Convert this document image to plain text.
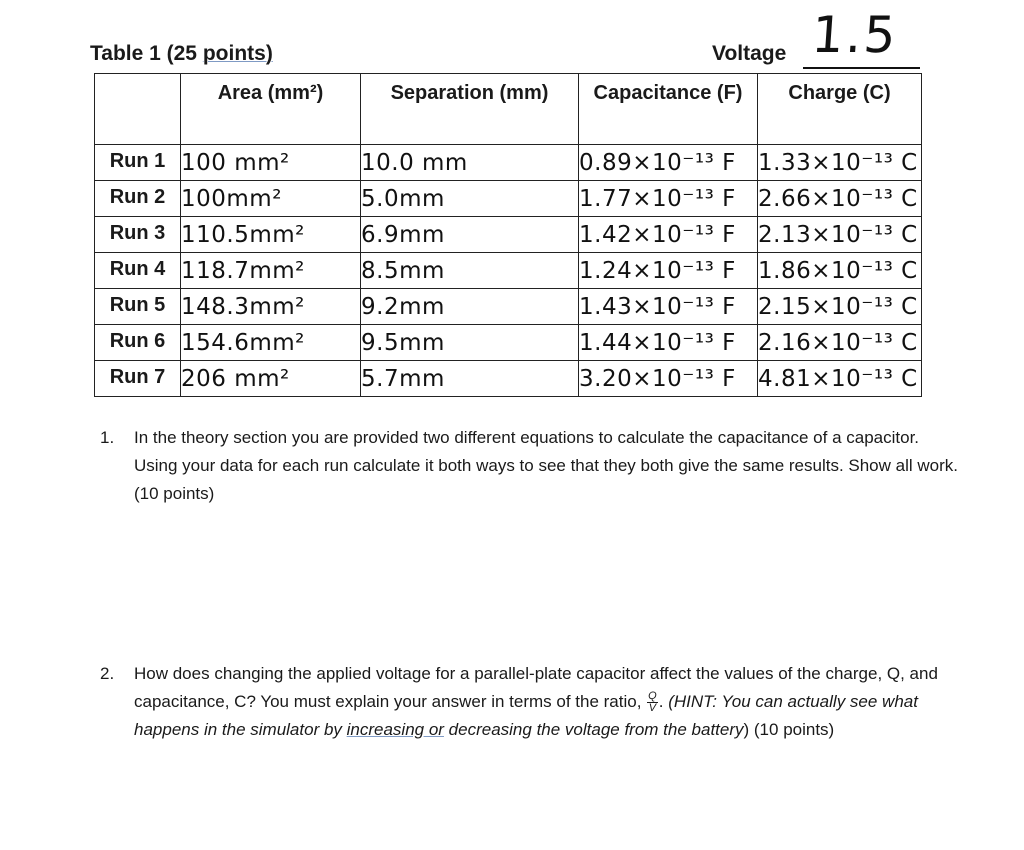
Table 1 (25 points)	Voltage 1.5
	Area (mm²)	Separation (mm)	Capacitance (F)	Charge (C)
Run 1	100 mm²	10.0 mm	0.89×10⁻¹³ F	1.33×10⁻¹³ C
Run 2	100mm²	5.0mm	1.77×10⁻¹³ F	2.66×10⁻¹³ C
Run 3	110.5mm²	6.9mm	1.42×10⁻¹³ F	2.13×10⁻¹³ C
Run 4	118.7mm²	8.5mm	1.24×10⁻¹³ F	1.86×10⁻¹³ C
Run 5	148.3mm²	9.2mm	1.43×10⁻¹³ F	2.15×10⁻¹³ C
Run 6	154.6mm²	9.5mm	1.44×10⁻¹³ F	2.16×10⁻¹³ C
Run 7	206 mm²	5.7mm	3.20×10⁻¹³ F	4.81×10⁻¹³ C
1. In the theory section you are provided two different equations to calculate the capacitance of a capacitor. Using your data for each run calculate it both ways to see that they both give the same results. Show all work. (10 points)
2. How does changing the applied voltage for a parallel-plate capacitor affect the values of the charge, Q, and capacitance, C? You must explain your answer in terms of the ratio, $\frac{Q}{V}$ . (HINT: You can actually see what happens in the simulator by increasing or decreasing the voltage from the battery) (10 points)
